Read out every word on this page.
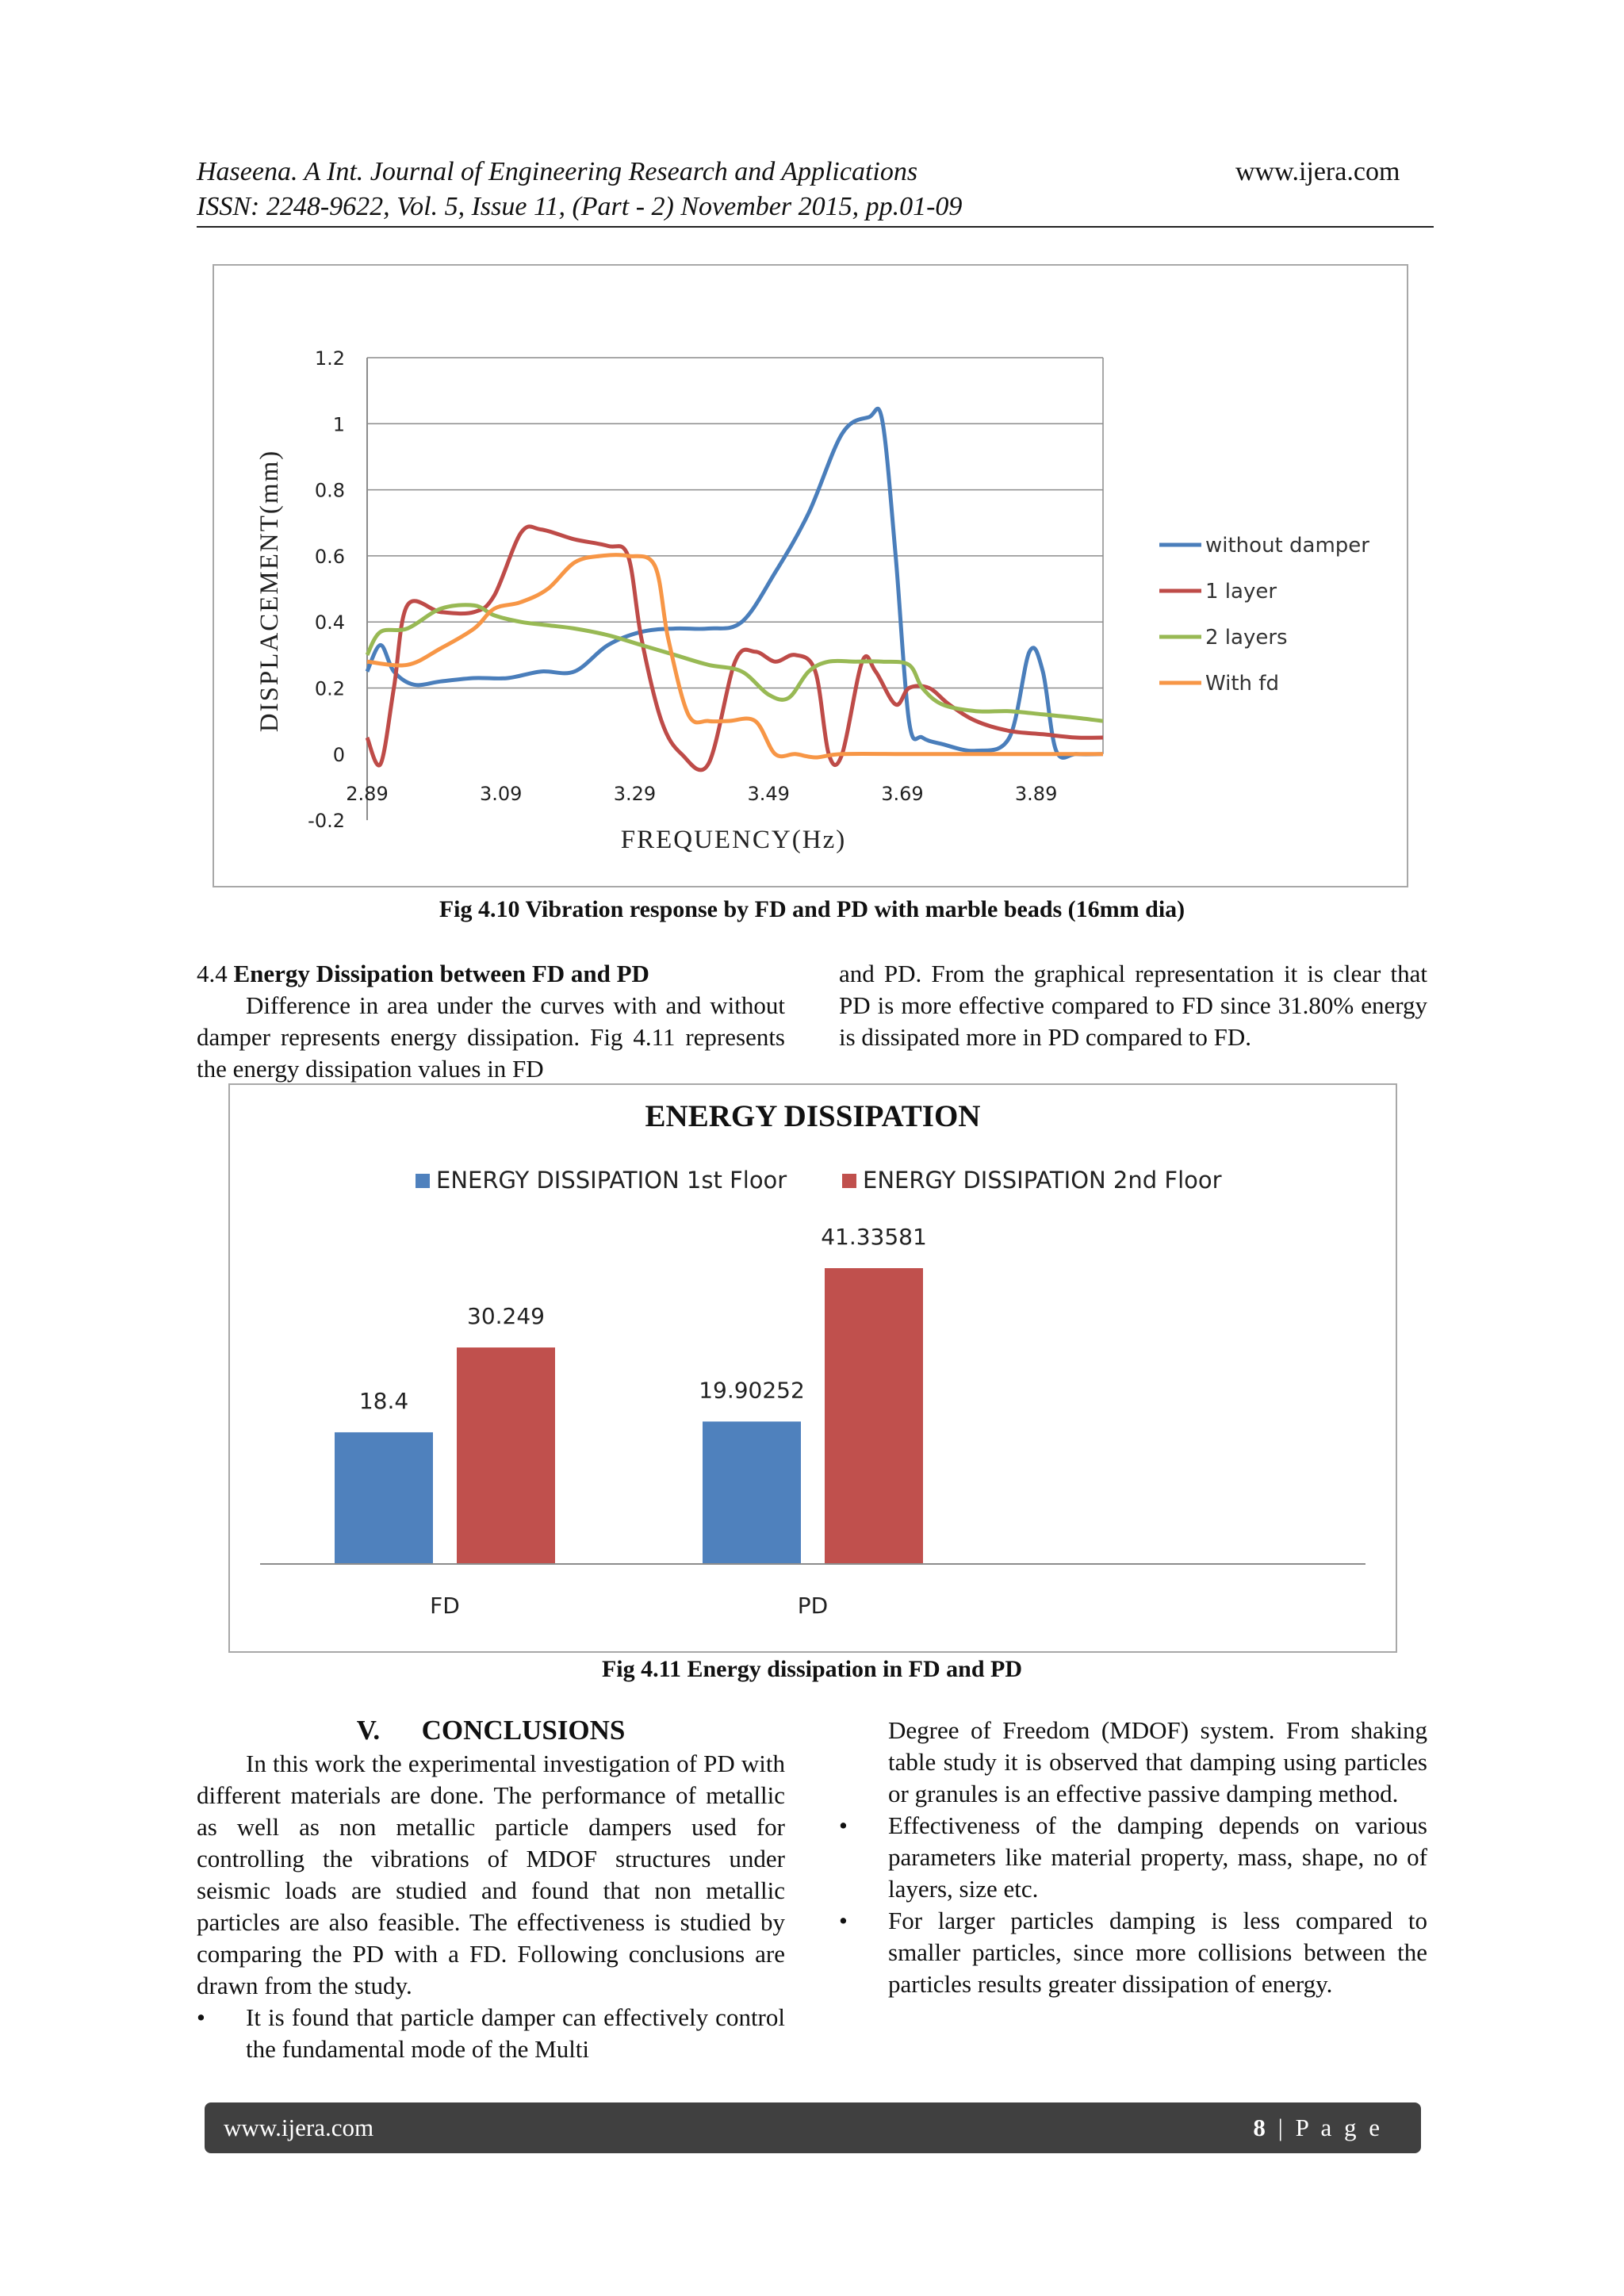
Haseena. A Int. Journal of Engineering Research and Applications	www.ijera.com
ISSN: 2248-9622, Vol. 5, Issue 11, (Part - 2) November 2015, pp.01-09
1.2
1
0.8
0.6
0.4
0.2
0
-0.2
2.89	3.09	3.29	3.49	3.69	3.89
without damper
1 layer
2 layers
With fd
FREQUENCY(Hz)
DISPLACEMENT(mm)
Fig 4.10 Vibration response by FD and PD with marble beads (16mm dia)

4.4 Energy Dissipation between FD and PD

Difference in area under the curves with and without damper represents energy dissipation. Fig 4.11 represents the energy dissipation values in FD

and PD. From the graphical representation it is clear that PD is more effective compared to FD since 31.80% energy is dissipated more in PD compared to FD.

ENERGY DISSIPATION
ENERGY DISSIPATION 1st Floor	ENERGY DISSIPATION 2nd Floor
18.4	19.90252
30.249
41.33581
FD	PD
Fig 4.11 Energy dissipation in FD and PD
V. CONCLUSIONS

In this work the experimental investigation of PD with different materials are done. The performance of metallic as well as non metallic particle dampers used for controlling the vibrations of MDOF structures under seismic loads are studied and found that non metallic particles are also feasible. The effectiveness is studied by comparing the PD with a FD. Following conclusions are drawn from the study.

• It is found that particle damper can effectively control the fundamental mode of the Multi
Degree of Freedom (MDOF) system. From shaking table study it is observed that damping using particles or granules is an effective passive damping method.
• Effectiveness of the damping depends on various parameters like material property, mass, shape, no of layers, size etc.
• For larger particles damping is less compared to smaller particles, since more collisions between the particles results greater dissipation of energy.
www.ijera.com	8 | P a g e
